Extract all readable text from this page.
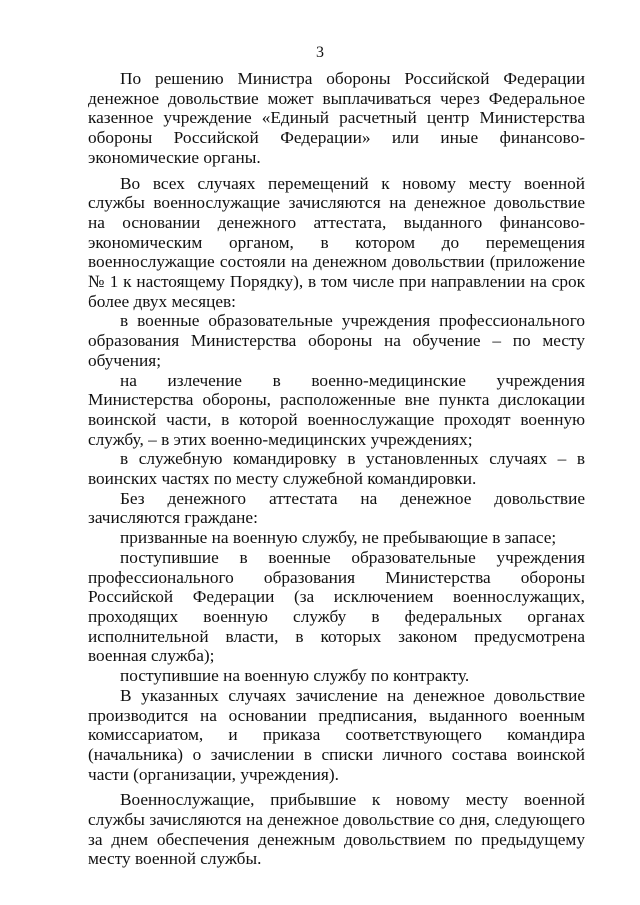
3

По решению Министра обороны Российской Федерации денежное довольствие может выплачиваться через Федеральное казенное учреждение «Единый расчетный центр Министерства обороны Российской Федерации» или иные финансово-экономические органы.

Во всех случаях перемещений к новому месту военной службы военнослужащие зачисляются на денежное довольствие на основании денежного аттестата, выданного финансово-экономическим органом, в котором до перемещения военнослужащие состояли на денежном довольствии (приложение № 1 к настоящему Порядку), в том числе при направлении на срок более двух месяцев:

в военные образовательные учреждения профессионального образования Министерства обороны на обучение – по месту обучения;

на излечение в военно-медицинские учреждения Министерства обороны, расположенные вне пункта дислокации воинской части, в которой военнослужащие проходят военную службу, – в этих военно-медицинских учреждениях;

в служебную командировку в установленных случаях – в воинских частях по месту служебной командировки.

Без денежного аттестата на денежное довольствие зачисляются граждане:

призванные на военную службу, не пребывающие в запасе;

поступившие в военные образовательные учреждения профессионального образования Министерства обороны Российской Федерации (за исключением военнослужащих, проходящих военную службу в федеральных органах исполнительной власти, в которых законом предусмотрена военная служба);

поступившие на военную службу по контракту.

В указанных случаях зачисление на денежное довольствие производится на основании предписания, выданного военным комиссариатом, и приказа соответствующего командира (начальника) о зачислении в списки личного состава воинской части (организации, учреждения).

Военнослужащие, прибывшие к новому месту военной службы зачисляются на денежное довольствие со дня, следующего за днем обеспечения денежным довольствием по предыдущему месту военной службы.
